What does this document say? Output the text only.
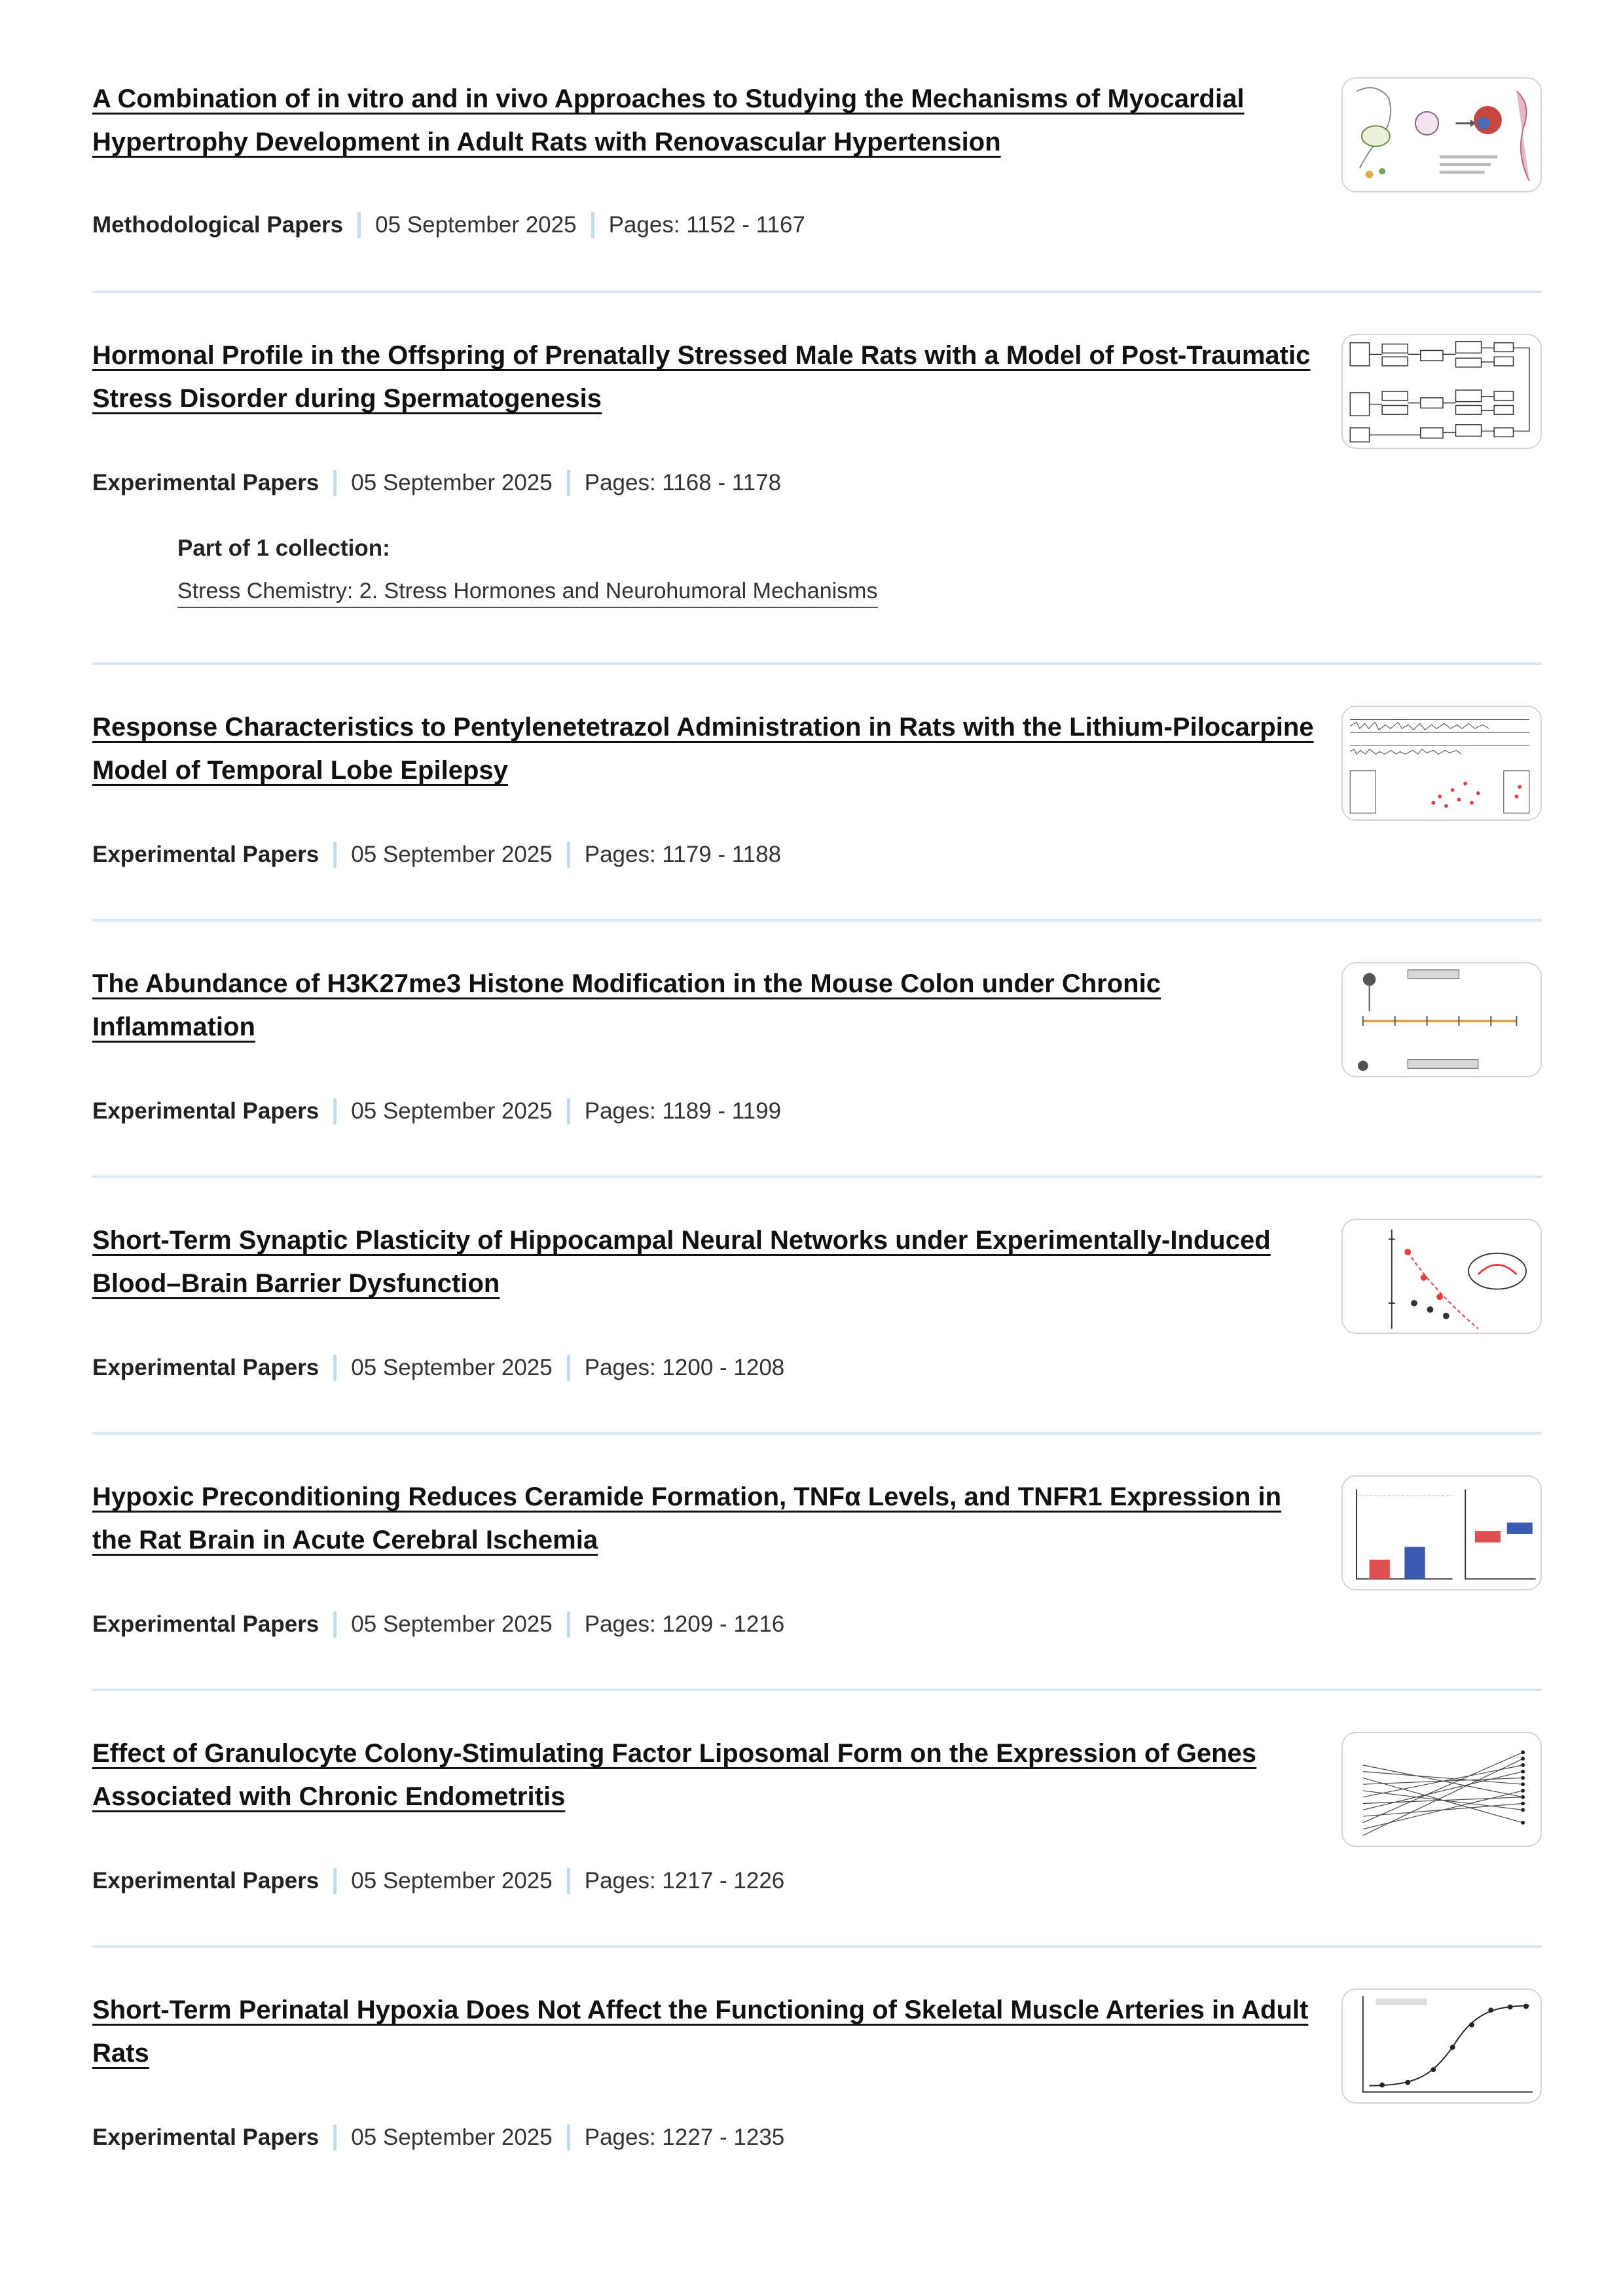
A Combination of in vitro and in vivo Approaches to Studying the Mechanisms of Myocardial Hypertrophy Development in Adult Rats with Renovascular Hypertension
Methodological Papers 05 September 2025 Pages: 1152 - 1167
Hormonal Profile in the Offspring of Prenatally Stressed Male Rats with a Model of Post-Traumatic Stress Disorder during Spermatogenesis
Experimental Papers 05 September 2025 Pages: 1168 - 1178
Part of 1 collection:
Stress Chemistry: 2. Stress Hormones and Neurohumoral Mechanisms
Response Characteristics to Pentylenetetrazol Administration in Rats with the Lithium-Pilocarpine Model of Temporal Lobe Epilepsy
Experimental Papers 05 September 2025 Pages: 1179 - 1188
The Abundance of H3K27me3 Histone Modification in the Mouse Colon under Chronic Inflammation
Experimental Papers 05 September 2025 Pages: 1189 - 1199
Short-Term Synaptic Plasticity of Hippocampal Neural Networks under Experimentally-Induced Blood–Brain Barrier Dysfunction
Experimental Papers 05 September 2025 Pages: 1200 - 1208
Hypoxic Preconditioning Reduces Ceramide Formation, TNFα Levels, and TNFR1 Expression in the Rat Brain in Acute Cerebral Ischemia
Experimental Papers 05 September 2025 Pages: 1209 - 1216
Effect of Granulocyte Colony-Stimulating Factor Liposomal Form on the Expression of Genes Associated with Chronic Endometritis
Experimental Papers 05 September 2025 Pages: 1217 - 1226
Short-Term Perinatal Hypoxia Does Not Affect the Functioning of Skeletal Muscle Arteries in Adult Rats
Experimental Papers 05 September 2025 Pages: 1227 - 1235
